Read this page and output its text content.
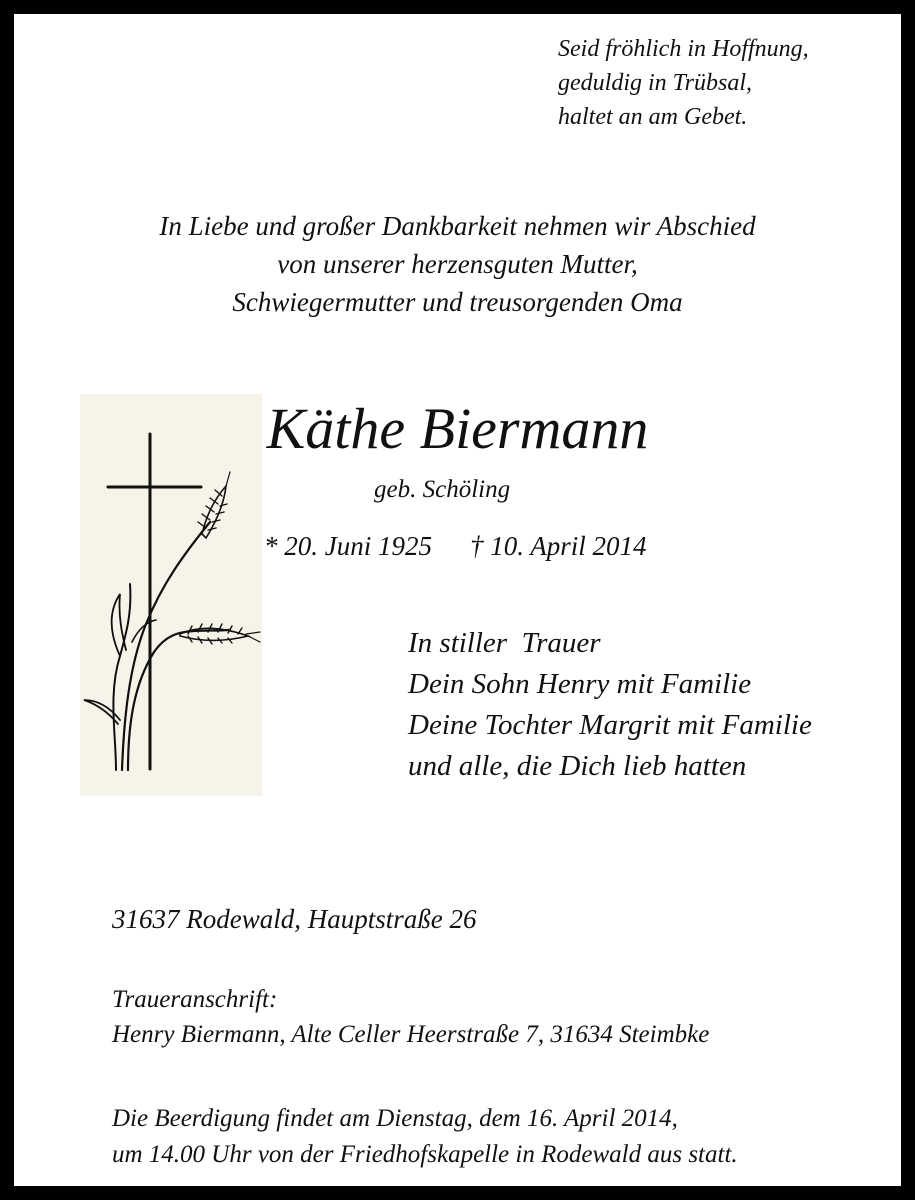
Seid fröhlich in Hoffnung,
geduldig in Trübsal,
haltet an am Gebet.
In Liebe und großer Dankbarkeit nehmen wir Abschied
von unserer herzensguten Mutter,
Schwiegermutter und treusorgenden Oma
Käthe Biermann
geb. Schöling
* 20. Juni 1925 † 10. April 2014
In stiller  Trauer
Dein Sohn Henry mit Familie
Deine Tochter Margrit mit Familie
und alle, die Dich lieb hatten
31637 Rodewald, Hauptstraße 26
Traueranschrift:
Henry Biermann, Alte Celler Heerstraße 7, 31634 Steimbke
Die Beerdigung findet am Dienstag, dem 16. April 2014,
um 14.00 Uhr von der Friedhofskapelle in Rodewald aus statt.
